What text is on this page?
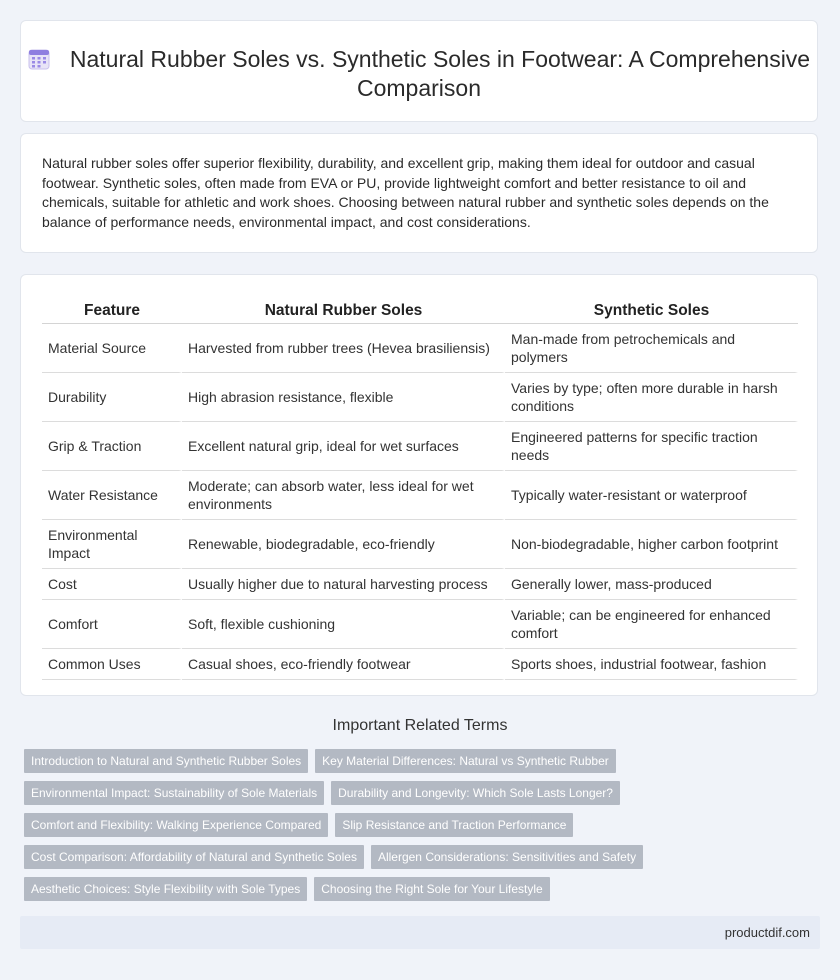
Natural Rubber Soles vs. Synthetic Soles in Footwear: A Comprehensive Comparison
Natural rubber soles offer superior flexibility, durability, and excellent grip, making them ideal for outdoor and casual footwear. Synthetic soles, often made from EVA or PU, provide lightweight comfort and better resistance to oil and chemicals, suitable for athletic and work shoes. Choosing between natural rubber and synthetic soles depends on the balance of performance needs, environmental impact, and cost considerations.
Feature	Natural Rubber Soles	Synthetic Soles
Material Source	Harvested from rubber trees (Hevea brasiliensis)	Man-made from petrochemicals and polymers
Durability	High abrasion resistance, flexible	Varies by type; often more durable in harsh conditions
Grip & Traction	Excellent natural grip, ideal for wet surfaces	Engineered patterns for specific traction needs
Water Resistance	Moderate; can absorb water, less ideal for wet environments	Typically water-resistant or waterproof
Environmental Impact	Renewable, biodegradable, eco-friendly	Non-biodegradable, higher carbon footprint
Cost	Usually higher due to natural harvesting process	Generally lower, mass-produced
Comfort	Soft, flexible cushioning	Variable; can be engineered for enhanced comfort
Common Uses	Casual shoes, eco-friendly footwear	Sports shoes, industrial footwear, fashion
Important Related Terms
Introduction to Natural and Synthetic Rubber Soles Key Material Differences: Natural vs Synthetic Rubber
Environmental Impact: Sustainability of Sole Materials Durability and Longevity: Which Sole Lasts Longer?
Comfort and Flexibility: Walking Experience Compared Slip Resistance and Traction Performance
Cost Comparison: Affordability of Natural and Synthetic Soles Allergen Considerations: Sensitivities and Safety
Aesthetic Choices: Style Flexibility with Sole Types Choosing the Right Sole for Your Lifestyle
productdif.com
